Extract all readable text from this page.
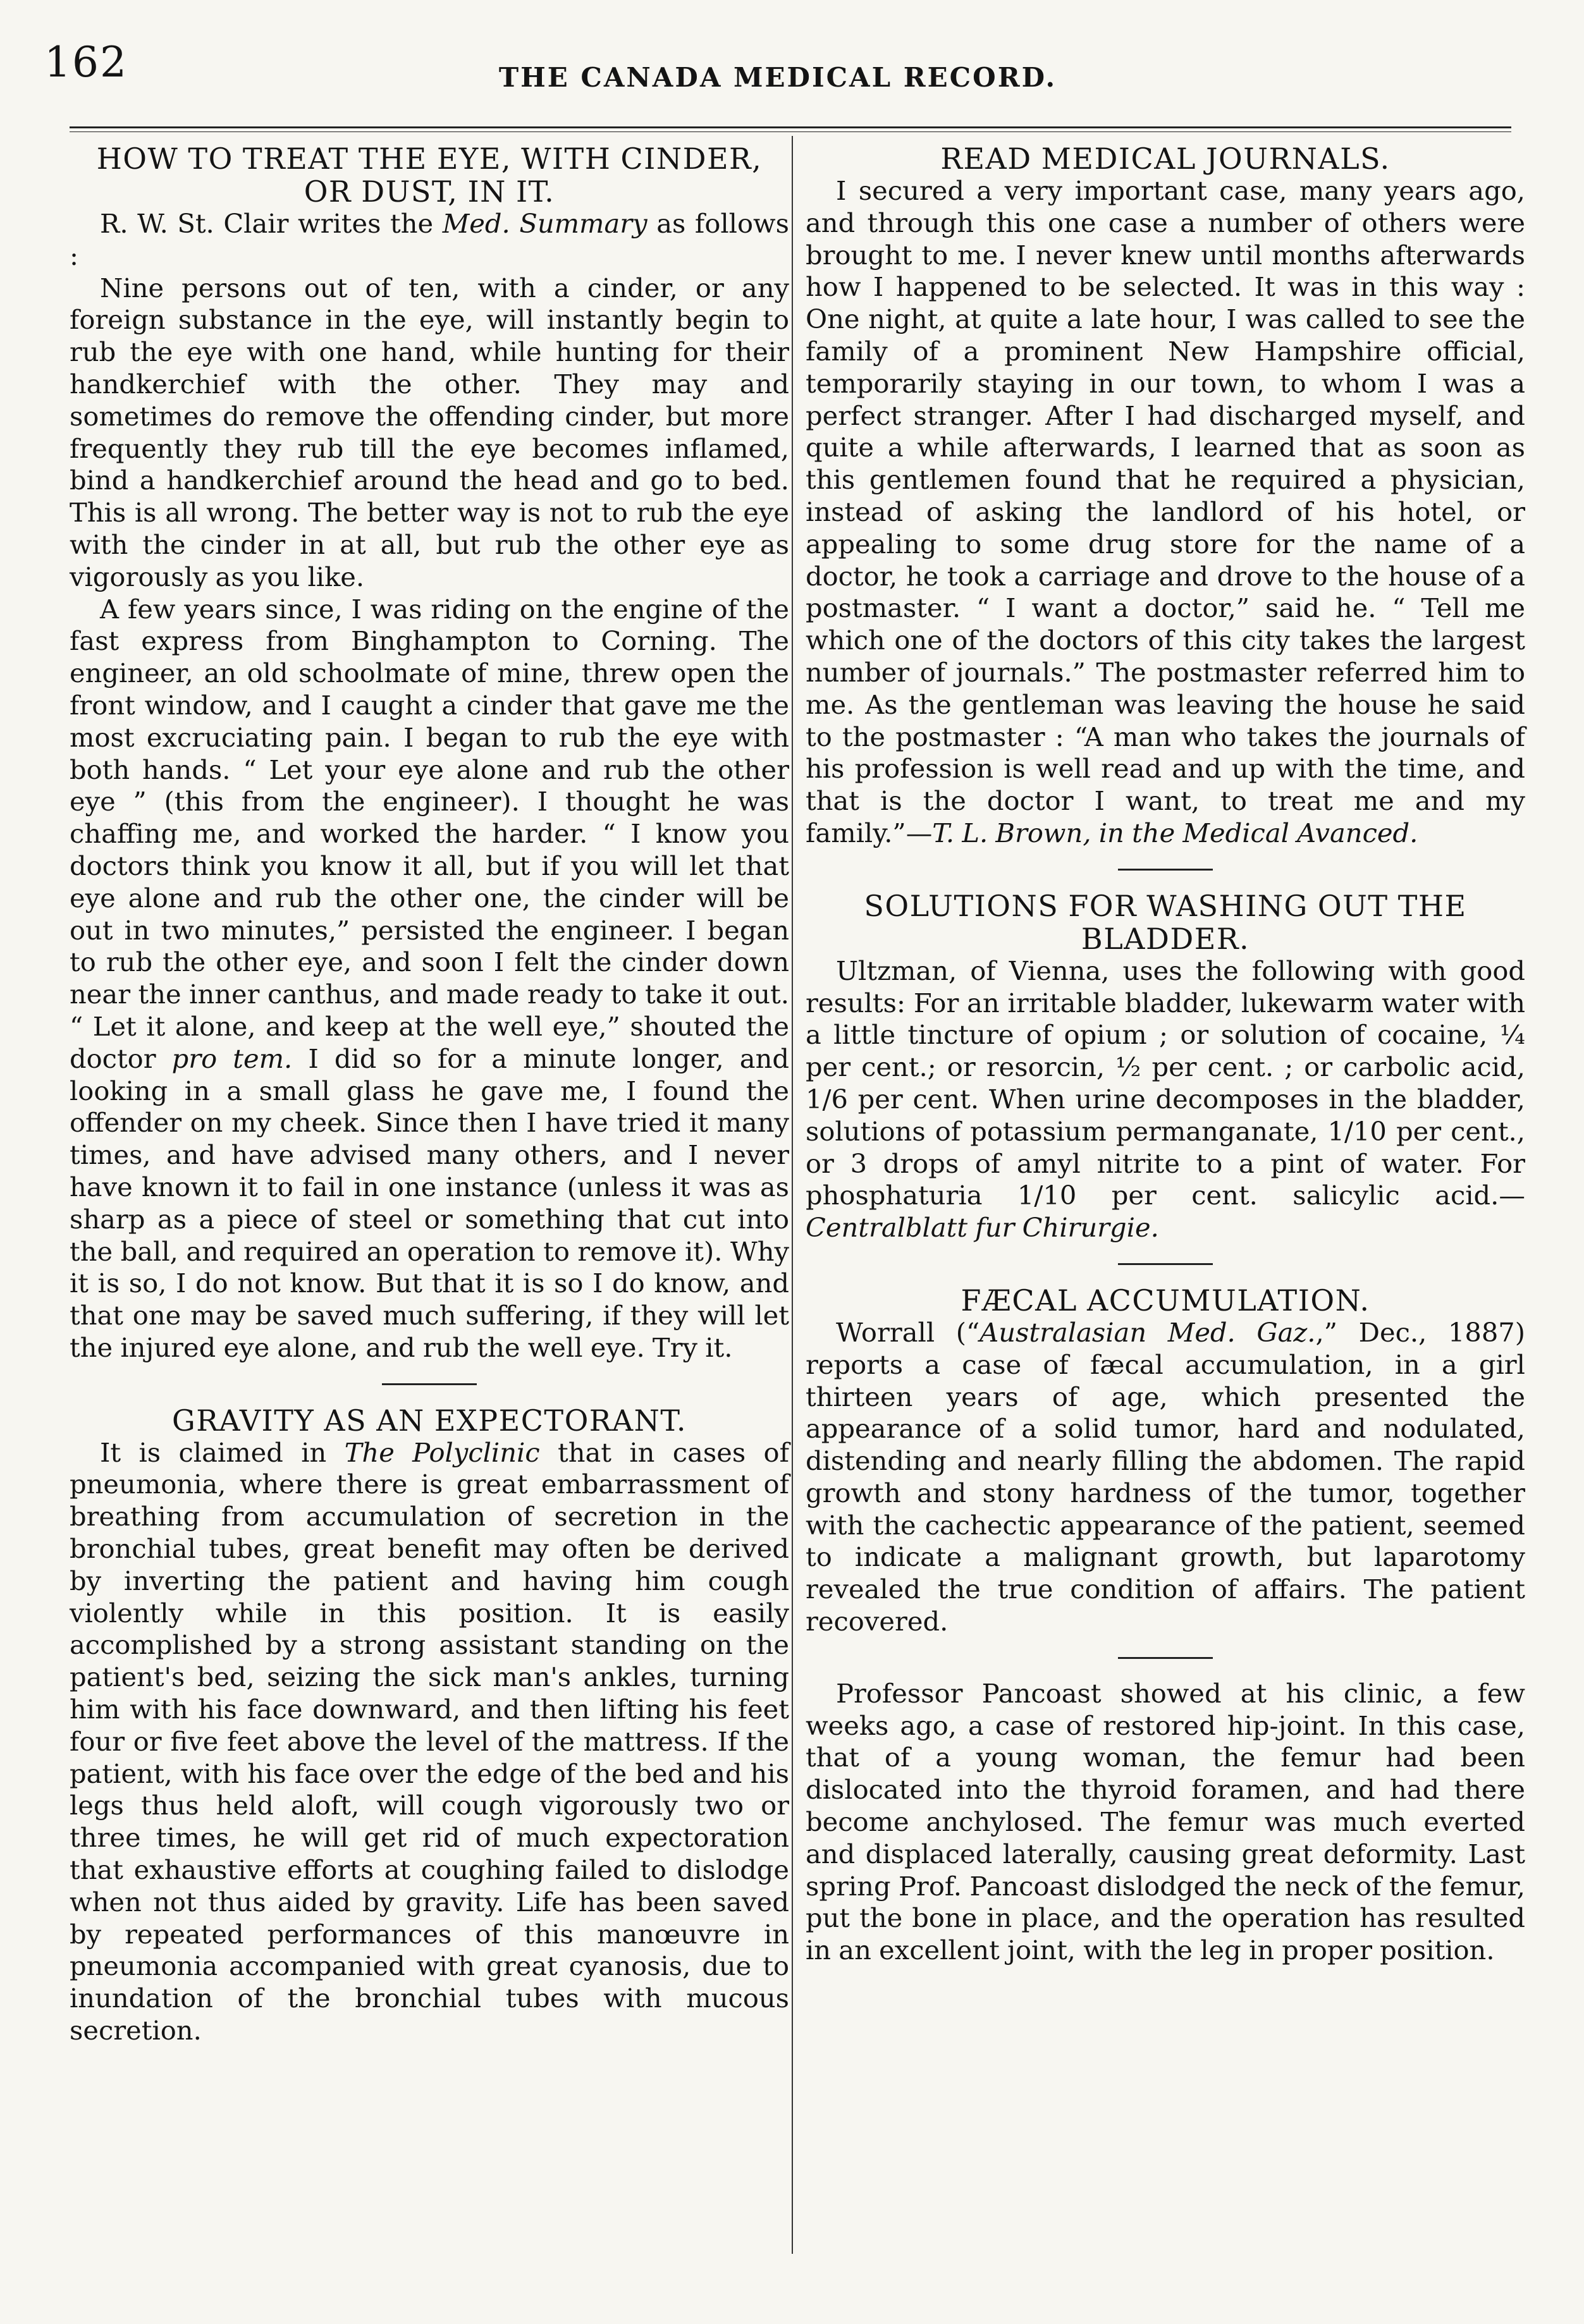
162	THE CANADA MEDICAL RECORD.
HOW TO TREAT THE EYE, WITH CINDER, OR DUST, IN IT.

R. W. St. Clair writes the Med. Summary as follows :

Nine persons out of ten, with a cinder, or any foreign substance in the eye, will instantly begin to rub the eye with one hand, while hunting for their handkerchief with the other. They may and sometimes do remove the offending cinder, but more frequently they rub till the eye becomes inflamed, bind a handkerchief around the head and go to bed. This is all wrong. The better way is not to rub the eye with the cinder in at all, but rub the other eye as vigorously as you like.

A few years since, I was riding on the engine of the fast express from Binghampton to Corning. The engineer, an old schoolmate of mine, threw open the front window, and I caught a cinder that gave me the most excruciating pain. I began to rub the eye with both hands. “ Let your eye alone and rub the other eye ” (this from the engineer). I thought he was chaffing me, and worked the harder. “ I know you doctors think you know it all, but if you will let that eye alone and rub the other one, the cinder will be out in two minutes,” persisted the engineer. I began to rub the other eye, and soon I felt the cinder down near the inner canthus, and made ready to take it out. “ Let it alone, and keep at the well eye,” shouted the doctor pro tem. I did so for a minute longer, and looking in a small glass he gave me, I found the offender on my cheek. Since then I have tried it many times, and have advised many others, and I never have known it to fail in one instance (unless it was as sharp as a piece of steel or something that cut into the ball, and required an operation to remove it). Why it is so, I do not know. But that it is so I do know, and that one may be saved much suffering, if they will let the injured eye alone, and rub the well eye. Try it.

GRAVITY AS AN EXPECTORANT.

It is claimed in The Polyclinic that in cases of pneumonia, where there is great embarrassment of breathing from accumulation of secretion in the bronchial tubes, great benefit may often be derived by inverting the patient and having him cough violently while in this position. It is easily accomplished by a strong assistant standing on the patient's bed, seizing the sick man's ankles, turning him with his face downward, and then lifting his feet four or five feet above the level of the mattress. If the patient, with his face over the edge of the bed and his legs thus held aloft, will cough vigorously two or three times, he will get rid of much expectoration that exhaustive efforts at coughing failed to dislodge when not thus aided by gravity. Life has been saved by repeated performances of this manœuvre in pneumonia accompanied with great cyanosis, due to inundation of the bronchial tubes with mucous secretion.

READ MEDICAL JOURNALS.

I secured a very important case, many years ago, and through this one case a number of others were brought to me. I never knew until months afterwards how I happened to be selected. It was in this way : One night, at quite a late hour, I was called to see the family of a prominent New Hampshire official, temporarily staying in our town, to whom I was a perfect stranger. After I had discharged myself, and quite a while afterwards, I learned that as soon as this gentlemen found that he required a physician, instead of asking the landlord of his hotel, or appealing to some drug store for the name of a doctor, he took a carriage and drove to the house of a postmaster. “ I want a doctor,” said he. “ Tell me which one of the doctors of this city takes the largest number of journals.” The postmaster referred him to me. As the gentleman was leaving the house he said to the postmaster : “A man who takes the journals of his profession is well read and up with the time, and that is the doctor I want, to treat me and my family.”—T. L. Brown, in the Medical Avanced.

SOLUTIONS FOR WASHING OUT THE BLADDER.

Ultzman, of Vienna, uses the following with good results: For an irritable bladder, lukewarm water with a little tincture of opium ; or solution of cocaine, ¼ per cent.; or resorcin, ½ per cent. ; or carbolic acid, 1/6 per cent. When urine decomposes in the bladder, solutions of potassium permanganate, 1/10 per cent., or 3 drops of amyl nitrite to a pint of water. For phosphaturia 1/10 per cent. salicylic acid.—Centralblatt fur Chirurgie.

FÆCAL ACCUMULATION.

Worrall (“Australasian Med. Gaz.,” Dec., 1887) reports a case of fæcal accumulation, in a girl thirteen years of age, which presented the appearance of a solid tumor, hard and nodulated, distending and nearly filling the abdomen. The rapid growth and stony hardness of the tumor, together with the cachectic appearance of the patient, seemed to indicate a malignant growth, but laparotomy revealed the true condition of affairs. The patient recovered.

Professor Pancoast showed at his clinic, a few weeks ago, a case of restored hip-joint. In this case, that of a young woman, the femur had been dislocated into the thyroid foramen, and had there become anchylosed. The femur was much everted and displaced laterally, causing great deformity. Last spring Prof. Pancoast dislodged the neck of the femur, put the bone in place, and the operation has resulted in an excellent joint, with the leg in proper position.
